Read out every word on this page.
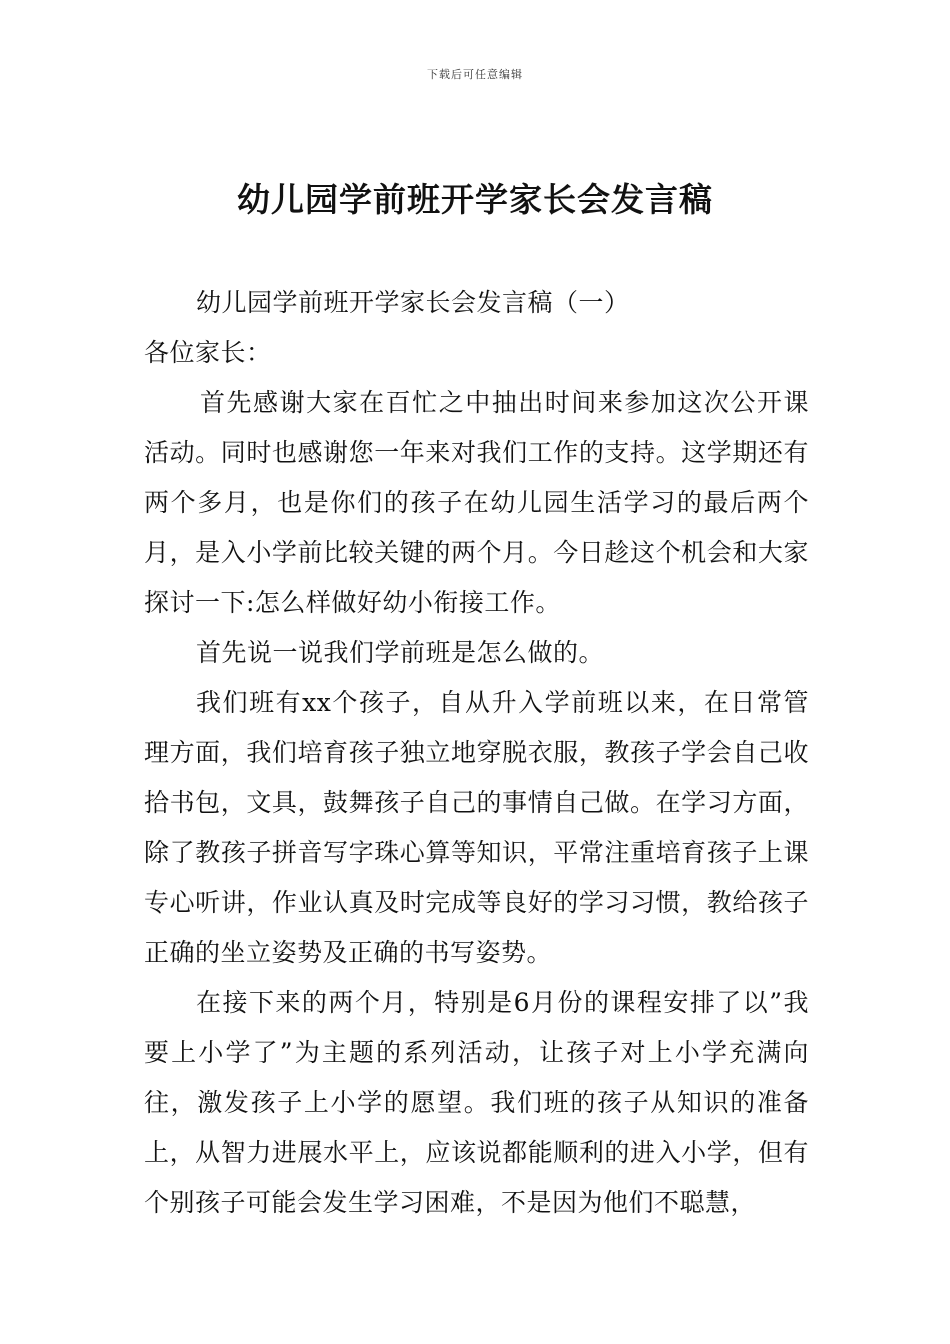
下载后可任意编辑
幼儿园学前班开学家长会发言稿

幼儿园学前班开学家长会发言稿（一）

各位家长：

首先感谢大家在百忙之中抽出时间来参加这次公开课活动。同时也感谢您一年来对我们工作的支持。这学期还有两个多月，也是你们的孩子在幼儿园生活学习的最后两个月，是入小学前比较关键的两个月。今日趁这个机会和大家探讨一下:怎么样做好幼小衔接工作。

首先说一说我们学前班是怎么做的。

我们班有xx个孩子，自从升入学前班以来，在日常管理方面，我们培育孩子独立地穿脱衣服，教孩子学会自己收拾书包，文具，鼓舞孩子自己的事情自己做。在学习方面，除了教孩子拼音写字珠心算等知识，平常注重培育孩子上课专心听讲，作业认真及时完成等良好的学习习惯，教给孩子正确的坐立姿势及正确的书写姿势。

在接下来的两个月，特别是6月份的课程安排了以”我要上小学了”为主题的系列活动，让孩子对上小学充满向往，激发孩子上小学的愿望。我们班的孩子从知识的准备上，从智力进展水平上，应该说都能顺利的进入小学，但有个别孩子可能会发生学习困难，不是因为他们不聪慧，
